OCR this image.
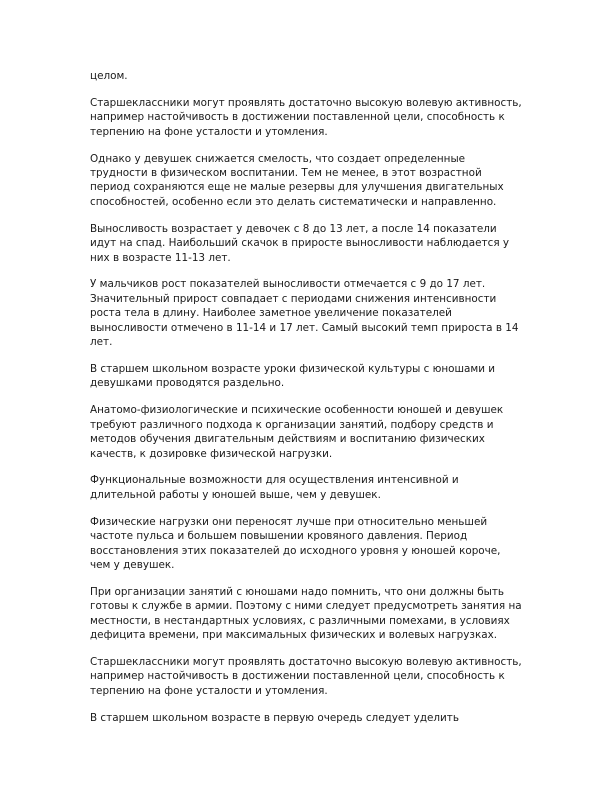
целом.

Старшеклассники могут проявлять достаточно высокую волевую активность, например настойчивость в достижении поставленной цели, способность к терпению на фоне усталости и утомления.

Однако у девушек снижается смелость, что создает определенные трудности в физическом воспитании. Тем не менее, в этот возрастной период сохраняются еще не малые резервы для улучшения двигательных способностей, особенно если это делать систематически и направленно.

Выносливость возрастает у девочек с 8 до 13 лет, а после 14 показатели идут на спад. Наибольший скачок в приросте выносливости наблюдается у них в возрасте 11-13 лет.

У мальчиков рост показателей выносливости отмечается с 9 до 17 лет. Значительный прирост совпадает с периодами снижения интенсивности роста тела в длину. Наиболее заметное увеличение показателей выносливости отмечено в 11-14 и 17 лет. Самый высокий темп прироста в 14 лет.

В старшем школьном возрасте уроки физической культуры с юношами и девушками проводятся раздельно.

Анатомо-физиологические и психические особенности юношей и девушек требуют различного подхода к организации занятий, подбору средств и методов обучения двигательным действиям и воспитанию физических качеств, к дозировке физической нагрузки.

Функциональные возможности для осуществления интенсивной и длительной работы у юношей выше, чем у девушек.

Физические нагрузки они переносят лучше при относительно меньшей частоте пульса и большем повышении кровяного давления. Период восстановления этих показателей до исходного уровня у юношей короче, чем у девушек.

При организации занятий с юношами надо помнить, что они должны быть готовы к службе в армии. Поэтому с ними следует предусмотреть занятия на местности, в нестандартных условиях, с различными помехами, в условиях дефицита времени, при максимальных физических и волевых нагрузках.

Старшеклассники могут проявлять достаточно высокую волевую активность, например настойчивость в достижении поставленной цели, способность к терпению на фоне усталости и утомления.

В старшем школьном возрасте в первую очередь следует уделить
